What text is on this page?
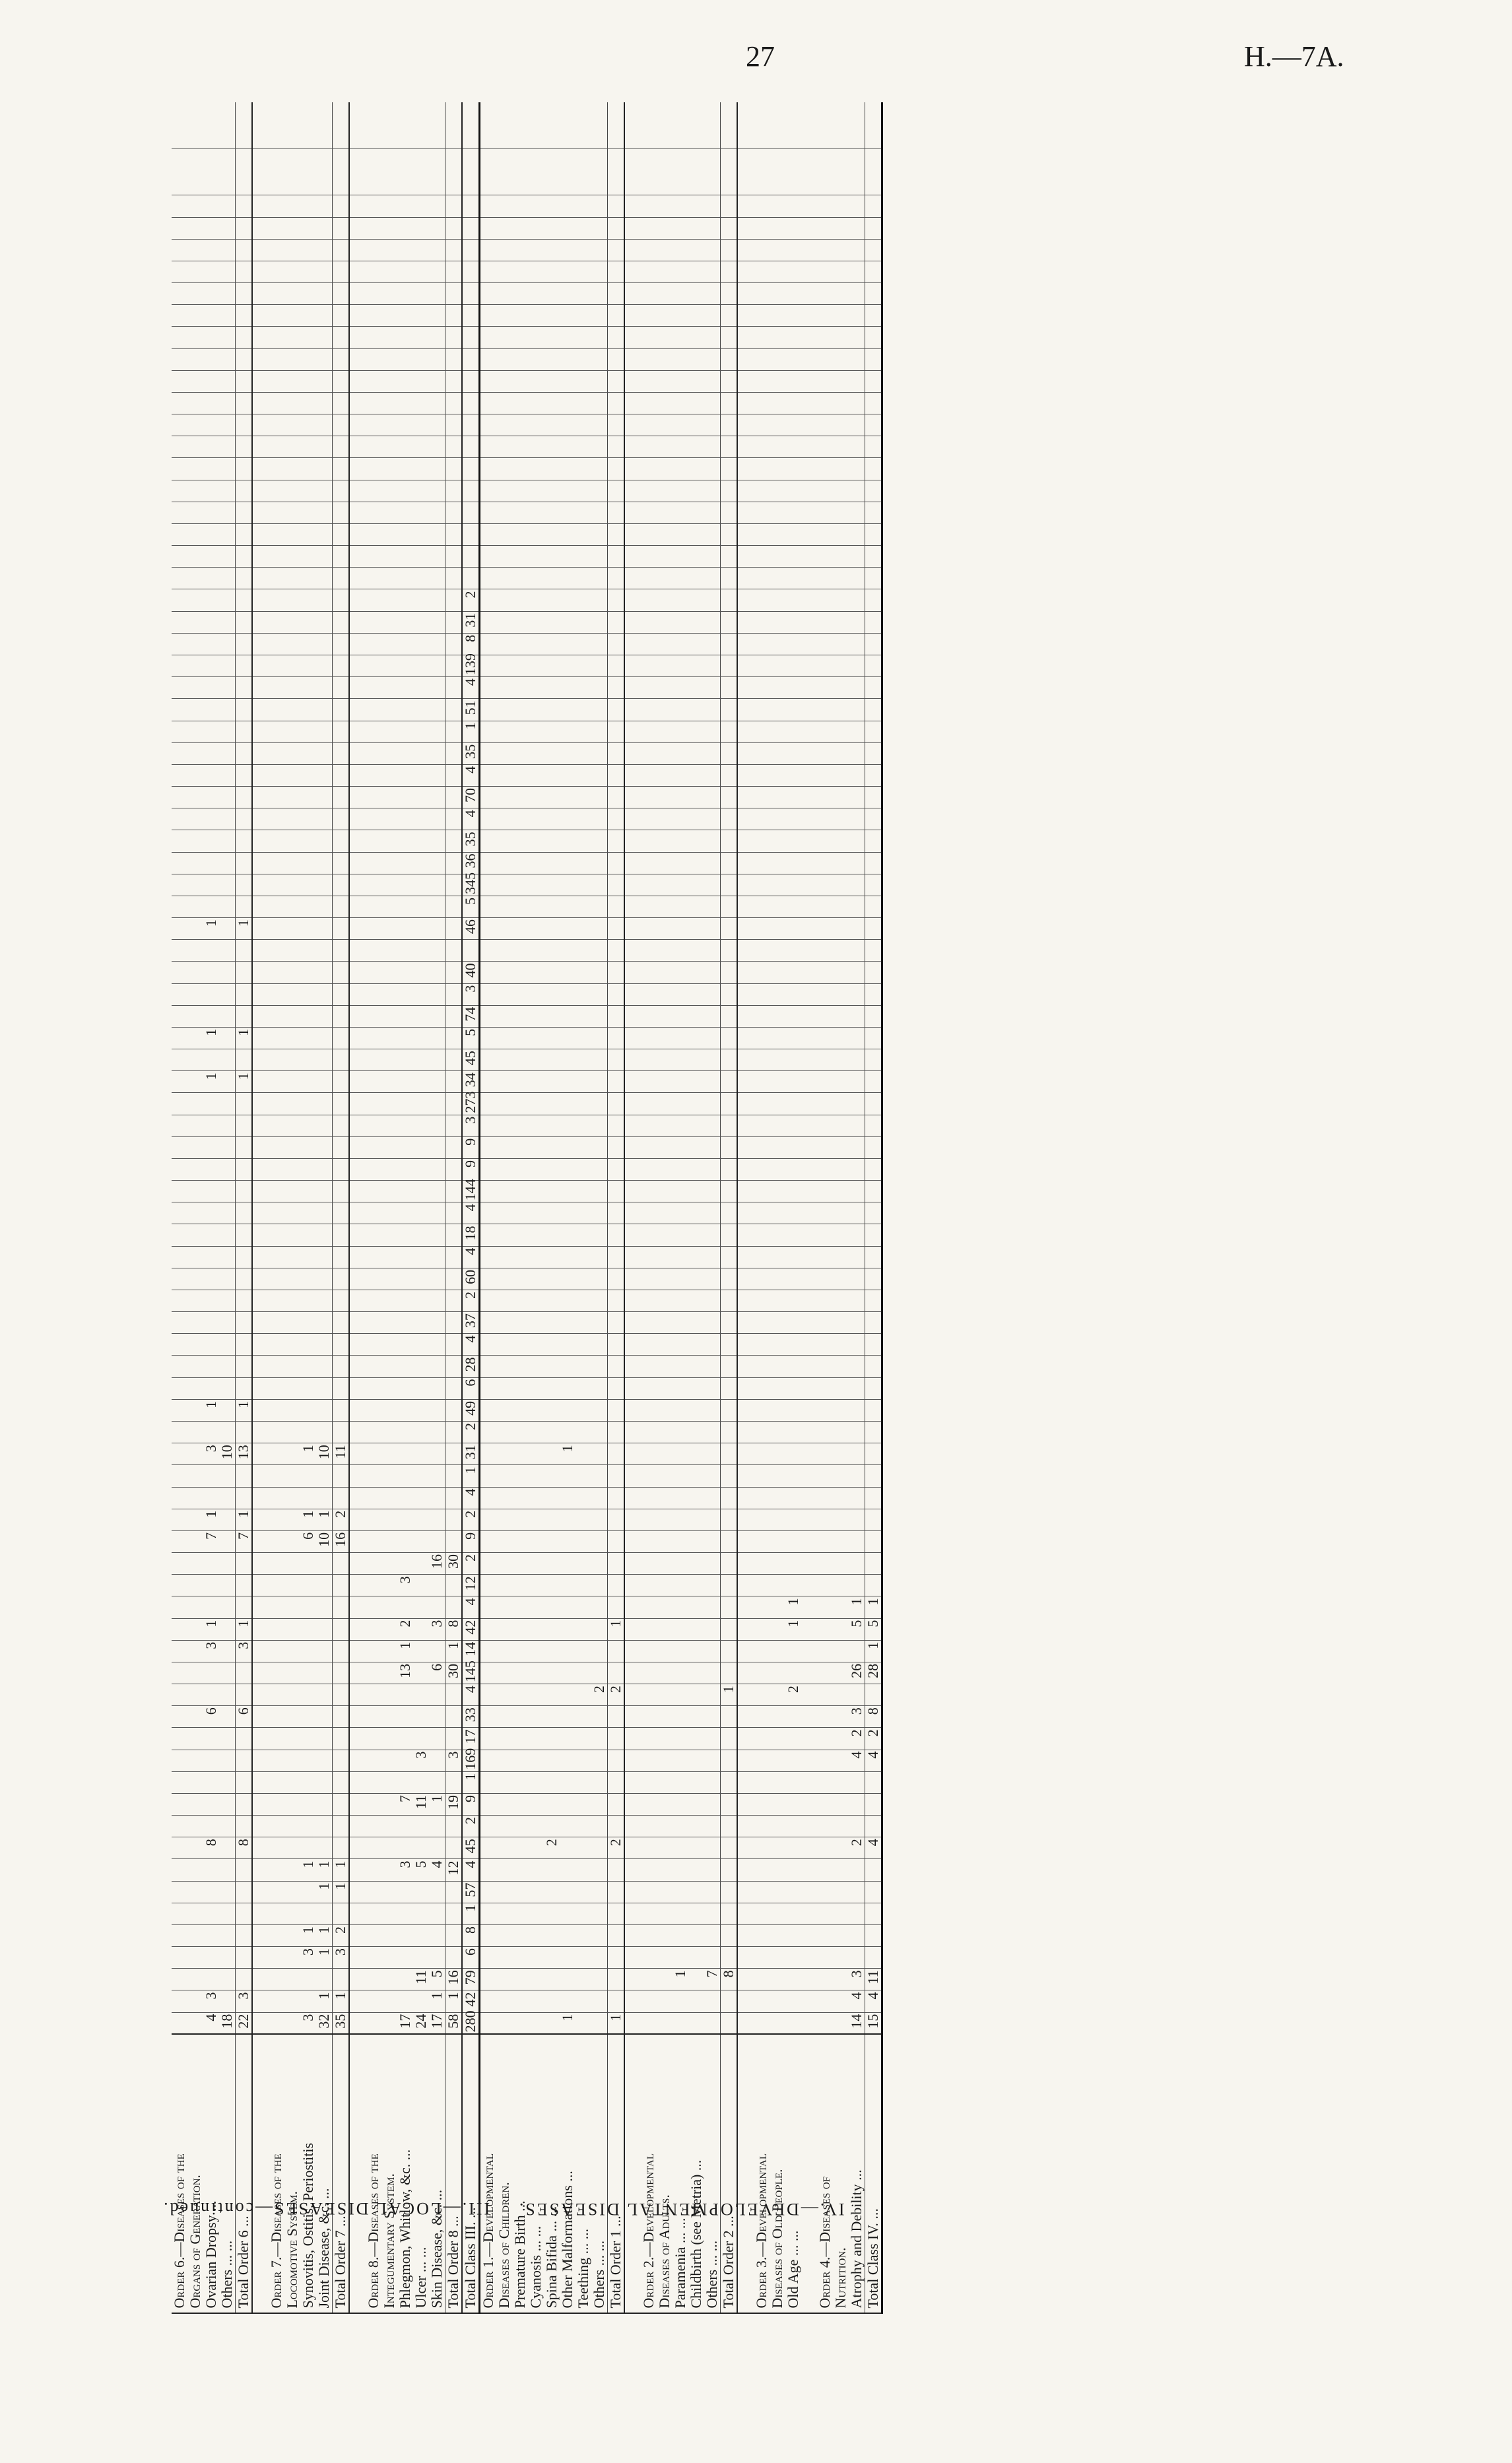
27	H.—7A.
III.—LOCAL DISEASES—continued.	Order 6.—Diseases of the																																																																																						
Organs of Generation.																																																																																						
Ovarian Dropsy ...	4	3							8						6			3	1				7	1			3		1															1		1					1																																			
Others ... ...	18																										10																																																											
Total Order 6 ...	22	3							8						6			3	1				7	1			13		1															1		1					1																																			

Order 7.—Diseases of the																																																																																						
Locomotive System.																																																																																						
Synovitis, Ostitis, Periostitis	3			3	1			1															6	1			1																																																											
Joint Disease, &c. ...	32	1		1	1		1	1															10	1			10																																																											
Total Order 7 ...	35	1		3	2		1	1															16	2			11																																																											

Order 8.—Diseases of the																																																																																						
Integumentary System.																																																																																						
Phlegmon, Whitlow, &c. ...	17							3			7						13	1	2		3																																																																	
Ulcer ... ...	24		11					5			11		3																																																																									
Skin Disease, &c. ...	17	1	5					4			1						6		3			16																																																																
Total Order 8 ...	58	1	16					12			19		3				30	1	8			30																																																																
Total Class III. ...	280	42	79	6	8	1	57	4	45	2	9	1	169	17	33	4	145	14	42	4	12	2	9	2	4	1	31	2	49	6	28	4	37	2	60	4	18	4	144	9	9	3	273	34	45	5	74	3	40		46	5	345	36	35	4	70	4	35	1	51	4	139	8	31	2																				
IV.—DEVELOPMENTAL DISEASES.	Order 1.—Developmental																																																																																						
Diseases of Children.																																																																																						
Premature Birth ...																																																																																						
Cyanosis ... ...																																																																																						
Spina Bifida ... ...									2																																																																													
Other Malformations ...	1																										1																																																											
Teething ... ...																																																																																						
Others ... ...																2																																																																						
Total Order 1 ...	1								2							2			1																																																																			

Order 2.—Developmental																																																																																						
Diseases of Adults.																																																																																						
Paramenia ... ...			1																																																																																			
Childbirth (see Metria) ...																																																																																						
Others ... ...			7																																																																																			
Total Order 2 ...			8													1																																																																						

Order 3.—Developmental																																																																																						
Diseases of Old People.																																																																																						
Old Age ... ...																2			1	1																																																																		

Order 4.—Diseases of																																																																																						
Nutrition.																																																																																						
Atrophy and Debility ...	14	4	3						2				4	2	3		26		5	1																																																																		
Total Class IV. ...	15	4	11						4				4	2	8		28	1	5	1																																																																		
